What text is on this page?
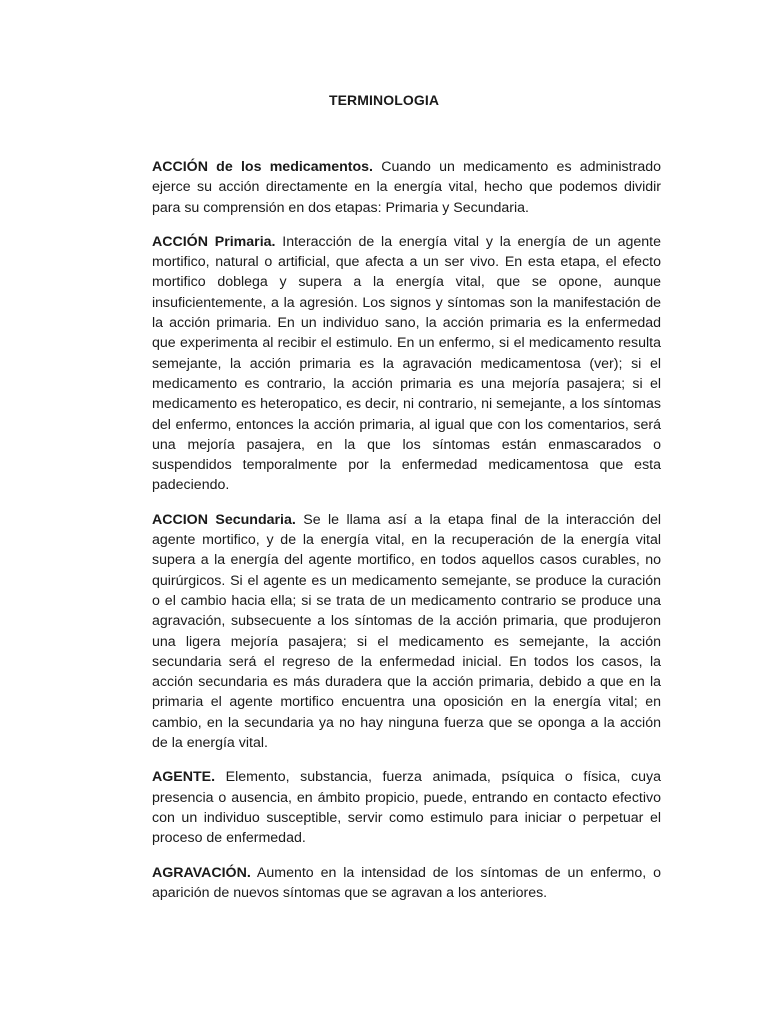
TERMINOLOGIA

ACCIÓN de los medicamentos. Cuando un medicamento es administrado ejerce su acción directamente en la energía vital, hecho que podemos dividir para su comprensión en dos etapas: Primaria y Secundaria.

ACCIÓN Primaria. Interacción de la energía vital y la energía de un agente mortifico, natural o artificial, que afecta a un ser vivo. En esta etapa, el efecto mortifico doblega y supera a la energía vital, que se opone, aunque insuficientemente, a la agresión. Los signos y síntomas son la manifestación de la acción primaria. En un individuo sano, la acción primaria es la enfermedad que experimenta al recibir el estimulo. En un enfermo, si el medicamento resulta semejante, la acción primaria es la agravación medicamentosa (ver); si el medicamento es contrario, la acción primaria es una mejoría pasajera; si el medicamento es heteropatico, es decir, ni contrario, ni semejante, a los síntomas del enfermo, entonces la acción primaria, al igual que con los comentarios, será una mejoría pasajera, en la que los síntomas están enmascarados o suspendidos temporalmente por la enfermedad medicamentosa que esta padeciendo.

ACCION Secundaria. Se le llama así a la etapa final de la interacción del agente mortifico, y de la energía vital, en la recuperación de la energía vital supera a la energía del agente mortifico, en todos aquellos casos curables, no quirúrgicos. Si el agente es un medicamento semejante, se produce la curación o el cambio hacia ella; si se trata de un medicamento contrario se produce una agravación, subsecuente a los síntomas de la acción primaria, que produjeron una ligera mejoría pasajera; si el medicamento es semejante, la acción secundaria será el regreso de la enfermedad inicial. En todos los casos, la acción secundaria es más duradera que la acción primaria, debido a que en la primaria el agente mortifico encuentra una oposición en la energía vital; en cambio, en la secundaria ya no hay ninguna fuerza que se oponga a la acción de la energía vital.

AGENTE. Elemento, substancia, fuerza animada, psíquica o física, cuya presencia o ausencia, en ámbito propicio, puede, entrando en contacto efectivo con un individuo susceptible, servir como estimulo para iniciar o perpetuar el proceso de enfermedad.

AGRAVACIÓN. Aumento en la intensidad de los síntomas de un enfermo, o aparición de nuevos síntomas que se agravan a los anteriores.
